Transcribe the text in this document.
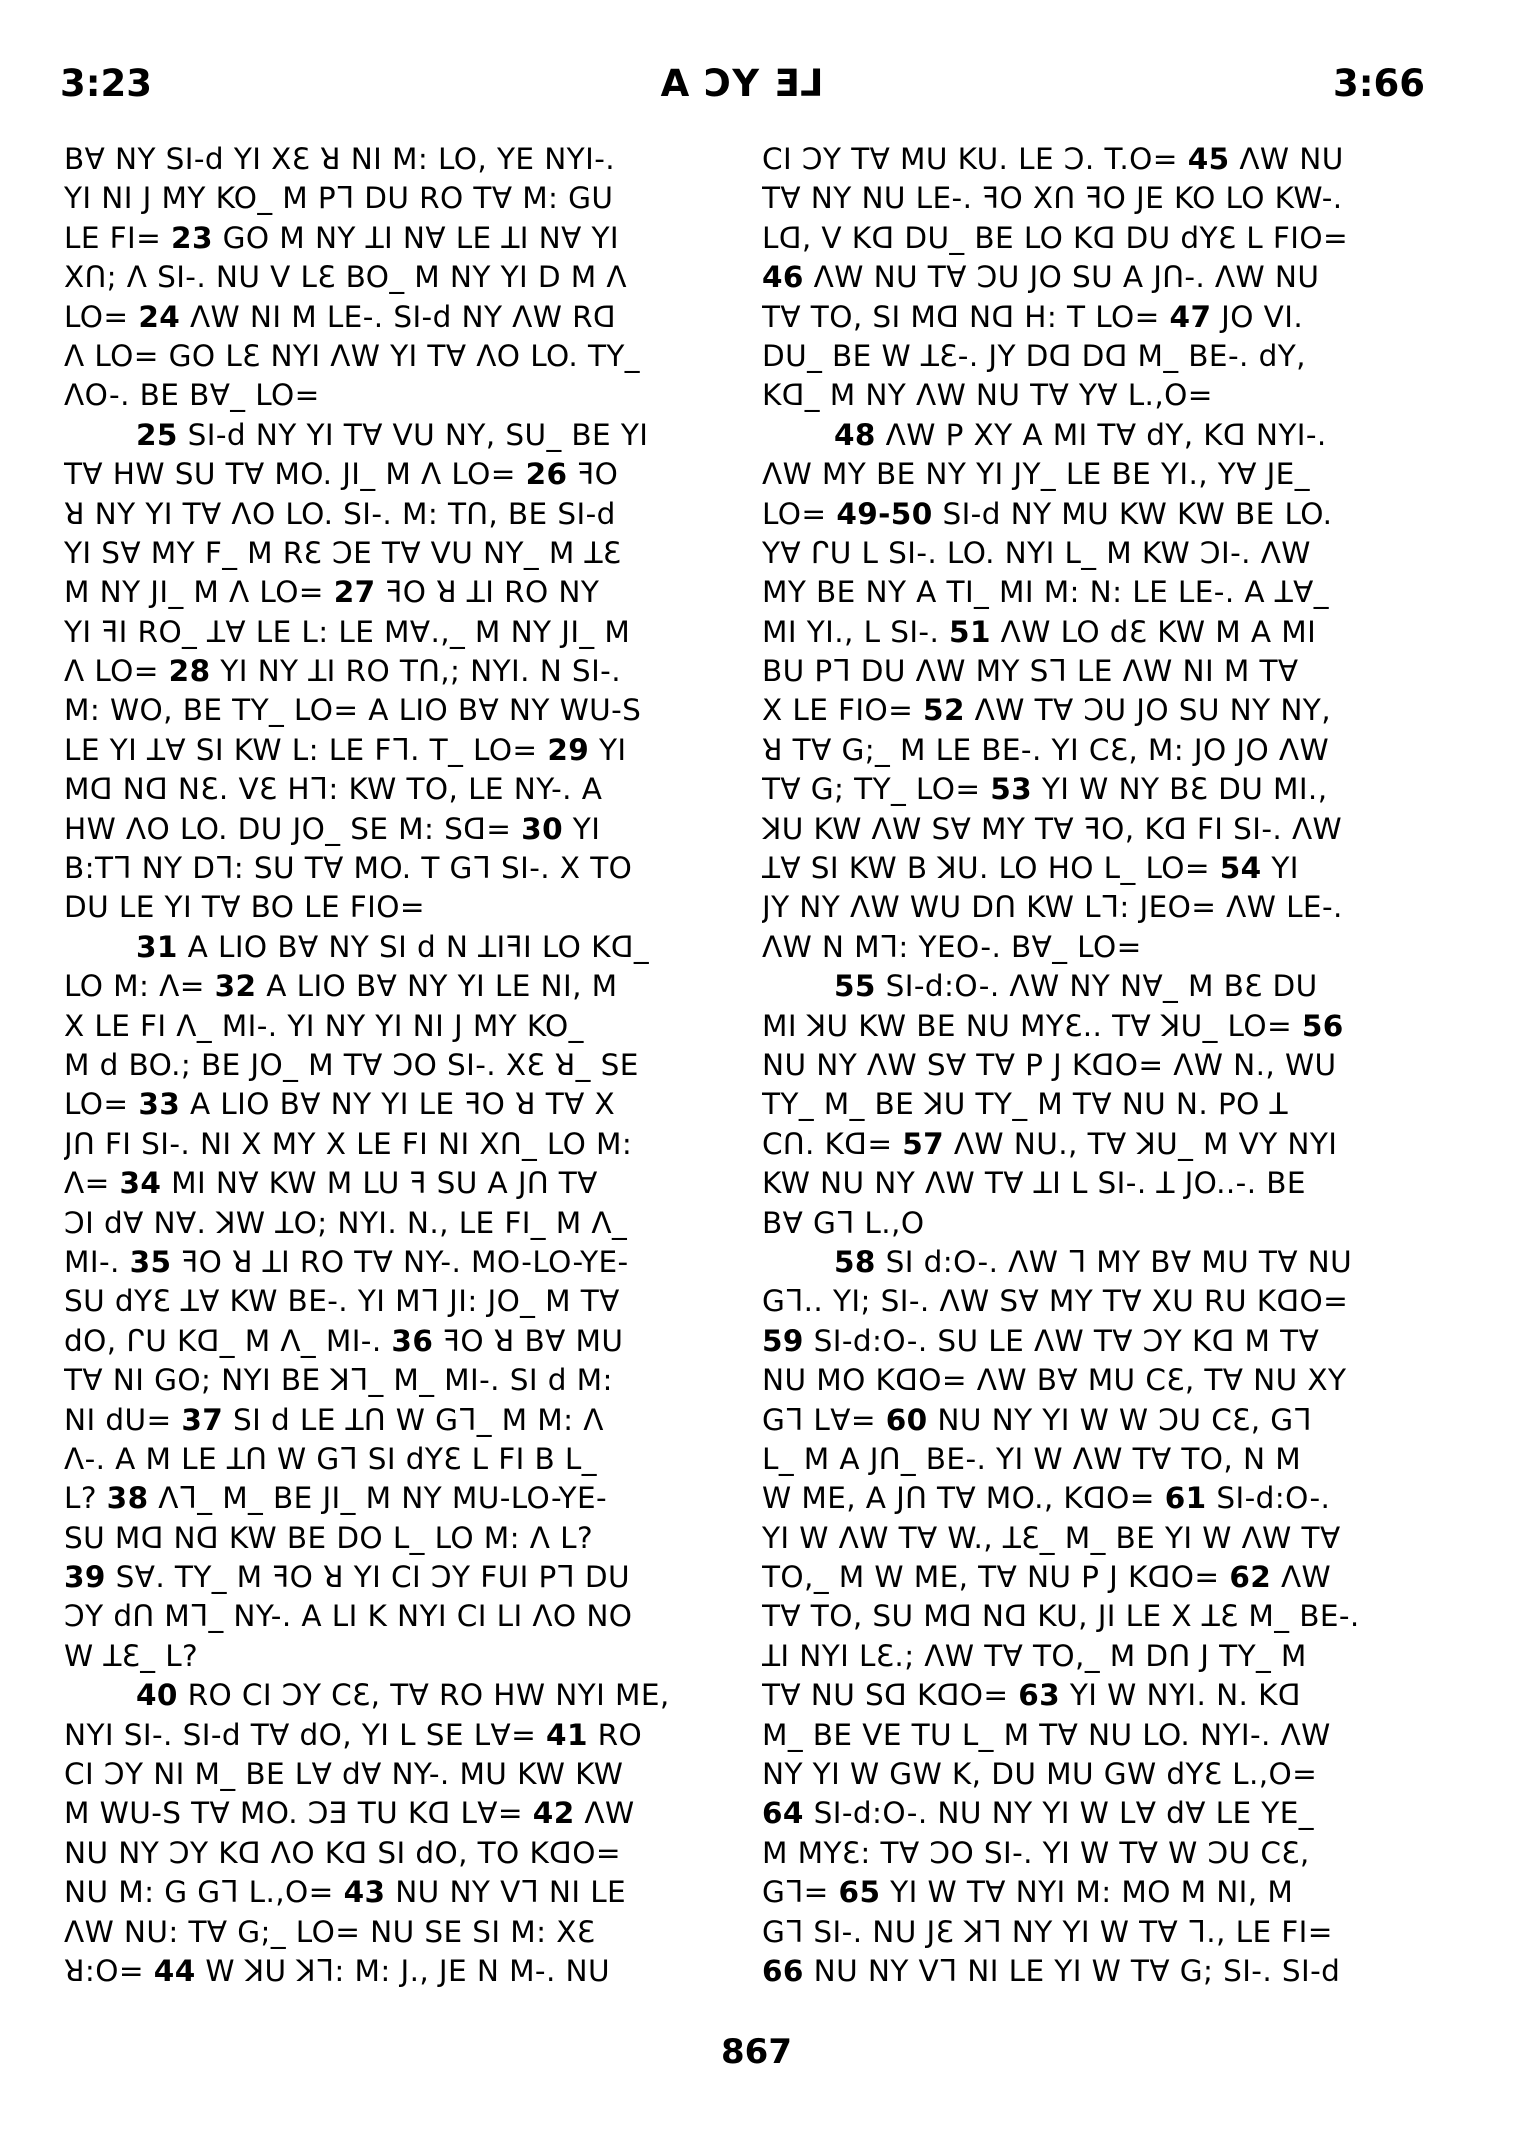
3:23	A ƆY Ǝᒧ	3:66
BⱯ NY SI-d YI XƐ ꓤ NI M: LO, YE NYI-.
YI NI J MY KO_ M Pᒣ DU RO TⱯ M: GU
LE FI= 23 GO M NY ꓕI NⱯ LE ꓕI NⱯ YI
XՈ; Ʌ SI-. NU V LƐ BO_ M NY YI D M Ʌ
LO= 24 ɅW NI M LE-. SI-d NY ɅW Rꓷ
Ʌ LO= GO LƐ NYI ɅW YI TⱯ ɅO LO. TY_
ɅO-. BE BⱯ_ LO=
25 SI-d NY YI TⱯ VU NY, SU_ BE YI
TⱯ HW SU TⱯ MO. JI_ M Ʌ LO= 26 ꟻO
ꓤ NY YI TⱯ ɅO LO. SI-. M: TՈ, BE SI-d
YI SⱯ MY F_ M RƐ ƆE TⱯ VU NY_ M ꓕƐ
M NY JI_ M Ʌ LO= 27 ꟻO ꓤ ꓕI RO NY
YI ꟻI RO_ ꓕⱯ LE L: LE MⱯ.,_ M NY JI_ M
Ʌ LO= 28 YI NY ꓕI RO TՈ,; NYI. N SI-.
M: WO, BE TY_ LO= A LIO BⱯ NY WU-S
LE YI ꓕⱯ SI KW L: LE Fᒣ. T_ LO= 29 YI
Mꓷ Nꓷ NƐ. VƐ Hᒣ: KW TO, LE NY-. A
HW ɅO LO. DU JO_ SE M: Sꓷ= 30 YI
B:Tᒣ NY Dᒣ: SU TⱯ MO. T Gᒣ SI-. X TO
DU LE YI TⱯ BO LE FIO=
31 A LIO BⱯ NY SI d N ꓕIꟻI LO Kꓷ_
LO M: Ʌ= 32 A LIO BⱯ NY YI LE NI, M
X LE FI Ʌ_ MI-. YI NY YI NI J MY KO_
M d BO.; BE JO_ M TⱯ ƆO SI-. XƐ ꓤ_ SE
LO= 33 A LIO BⱯ NY YI LE ꟻO ꓤ TⱯ X
JՈ FI SI-. NI X MY X LE FI NI XՈ_ LO M:
Ʌ= 34 MI NⱯ KW M LU ꟻ SU A JՈ TⱯ
ƆI dⱯ NⱯ. ꓘW ꓕO; NYI. N., LE FI_ M Ʌ_
MI-. 35 ꟻO ꓤ ꓕI RO TⱯ NY-. MO-LO-YE-
SU dYƐ ꓕⱯ KW BE-. YI Mᒣ JI: JO_ M TⱯ
dO, ᒋU Kꓷ_ M Ʌ_ MI-. 36 ꟻO ꓤ BⱯ MU
TⱯ NI GO; NYI BE ꓘᒣ_ M_ MI-. SI d M:
NI dU= 37 SI d LE ꓕՈ W Gᒣ_ M M: Ʌ
Ʌ-. A M LE ꓕՈ W Gᒣ SI dYƐ L FI B L_
L? 38 Ʌᒣ_ M_ BE JI_ M NY MU-LO-YE-
SU Mꓷ Nꓷ KW BE DO L_ LO M: Ʌ L?
39 SⱯ. TY_ M ꟻO ꓤ YI CI ƆY FUI Pᒣ DU
ƆY dՈ Mᒣ_ NY-. A LI K NYI CI LI ɅO NO
W ꓕƐ_ L?
40 RO CI ƆY CƐ, TⱯ RO HW NYI ME,
NYI SI-. SI-d TⱯ dO, YI L SE LⱯ= 41 RO
CI ƆY NI M_ BE LⱯ dⱯ NY-. MU KW KW
M WU-S TⱯ MO. ƆƎ TU Kꓷ LⱯ= 42 ɅW
NU NY ƆY Kꓷ ɅO Kꓷ SI dO, TO KꓷO=
NU M: G Gᒣ L.,O= 43 NU NY Vᒣ NI LE
ɅW NU: TⱯ G;_ LO= NU SE SI M: XƐ
ꓤ:O= 44 W ꓘU ꓘᒣ: M: J., JE N M-. NU
CI ƆY TⱯ MU KU. LE Ɔ. T.O= 45 ɅW NU
TⱯ NY NU LE-. ꟻO XՈ ꟻO JE KO LO KW-.
Lꓷ, V Kꓷ DU_ BE LO Kꓷ DU dYƐ L FIO=
46 ɅW NU TⱯ ƆU JO SU A JՈ-. ɅW NU
TⱯ TO, SI Mꓷ Nꓷ H: T LO= 47 JO VI.
DU_ BE W ꓕƐ-. JY Dꓷ Dꓷ M_ BE-. dY,
Kꓷ_ M NY ɅW NU TⱯ YⱯ L.,O=
48 ɅW P XY A MI TⱯ dY, Kꓷ NYI-.
ɅW MY BE NY YI JY_ LE BE YI., YⱯ JE_
LO= 49-50 SI-d NY MU KW KW BE LO.
YⱯ ᒋU L SI-. LO. NYI L_ M KW ƆI-. ɅW
MY BE NY A TI_ MI M: N: LE LE-. A ꓕⱯ_
MI YI., L SI-. 51 ɅW LO dƐ KW M A MI
BU Pᒣ DU ɅW MY Sᒣ LE ɅW NI M TⱯ
X LE FIO= 52 ɅW TⱯ ƆU JO SU NY NY,
ꓤ TⱯ G;_ M LE BE-. YI CƐ, M: JO JO ɅW
TⱯ G; TY_ LO= 53 YI W NY BƐ DU MI.,
ꓘU KW ɅW SⱯ MY TⱯ ꟻO, Kꓷ FI SI-. ɅW
ꓕⱯ SI KW B ꓘU. LO HO L_ LO= 54 YI
JY NY ɅW WU DՈ KW Lᒣ: JEO= ɅW LE-.
ɅW N Mᒣ: YEO-. BⱯ_ LO=
55 SI-d:O-. ɅW NY NⱯ_ M BƐ DU
MI ꓘU KW BE NU MYƐ.. TⱯ ꓘU_ LO= 56
NU NY ɅW SⱯ TⱯ P J KꓷO= ɅW N., WU
TY_ M_ BE ꓘU TY_ M TⱯ NU N. PO ꓕ
CՈ. Kꓷ= 57 ɅW NU., TⱯ ꓘU_ M VY NYI
KW NU NY ɅW TⱯ ꓕI L SI-. ꓕ JO..-. BE
BⱯ Gᒣ L.,O
58 SI d:O-. ɅW ᒣ MY BⱯ MU TⱯ NU
Gᒣ.. YI; SI-. ɅW SⱯ MY TⱯ XU RU KꓷO=
59 SI-d:O-. SU LE ɅW TⱯ ƆY Kꓷ M TⱯ
NU MO KꓷO= ɅW BⱯ MU CƐ, TⱯ NU XY
Gᒣ LⱯ= 60 NU NY YI W W ƆU CƐ, Gᒣ
L_ M A JՈ_ BE-. YI W ɅW TⱯ TO, N M
W ME, A JՈ TⱯ MO., KꓷO= 61 SI-d:O-.
YI W ɅW TⱯ W., ꓕƐ_ M_ BE YI W ɅW TⱯ
TO,_ M W ME, TⱯ NU P J KꓷO= 62 ɅW
TⱯ TO, SU Mꓷ Nꓷ KU, JI LE X ꓕƐ M_ BE-.
ꓕI NYI LƐ.; ɅW TⱯ TO,_ M DՈ J TY_ M
TⱯ NU Sꓷ KꓷO= 63 YI W NYI. N. Kꓷ
M_ BE VE TU L_ M TⱯ NU LO. NYI-. ɅW
NY YI W GW K, DU MU GW dYƐ L.,O=
64 SI-d:O-. NU NY YI W LⱯ dⱯ LE YE_
M MYƐ: TⱯ ƆO SI-. YI W TⱯ W ƆU CƐ,
Gᒣ= 65 YI W TⱯ NYI M: MO M NI, M
Gᒣ SI-. NU JƐ ꓘᒣ NY YI W TⱯ ᒣ., LE FI=
66 NU NY Vᒣ NI LE YI W TⱯ G; SI-. SI-d
867
